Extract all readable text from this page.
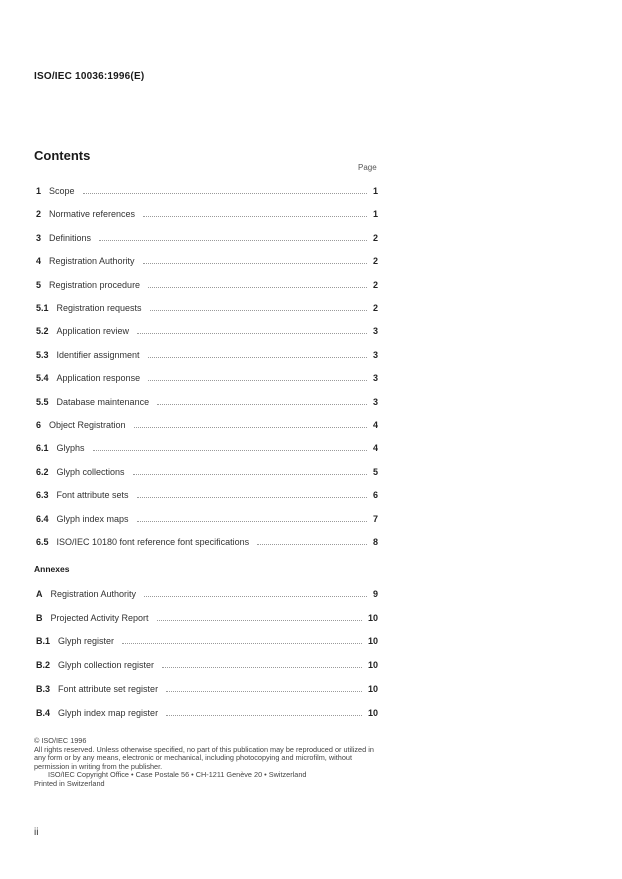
ISO/IEC 10036:1996(E)
Contents
Page
1 Scope	1
2 Normative references	1
3 Definitions	2
4 Registration Authority	2
5 Registration procedure	2
5.1 Registration requests	2
5.2 Application review	3
5.3 Identifier assignment	3
5.4 Application response	3
5.5 Database maintenance	3
6 Object Registration	4
6.1 Glyphs	4
6.2 Glyph collections	5
6.3 Font attribute sets	6
6.4 Glyph index maps	7
6.5 ISO/IEC 10180 font reference font specifications	8
Annexes
A Registration Authority	9
B Projected Activity Report	10
B.1 Glyph register	10
B.2 Glyph collection register	10
B.3 Font attribute set register	10
B.4 Glyph index map register	10

© ISO/IEC 1996

All rights reserved. Unless otherwise specified, no part of this publication may be reproduced or utilized in any form or by any means, electronic or mechanical, including photocopying and microfilm, without permission in writing from the publisher.

ISO/IEC Copyright Office • Case Postale 56 • CH-1211 Genève 20 • Switzerland

Printed in Switzerland

ii
